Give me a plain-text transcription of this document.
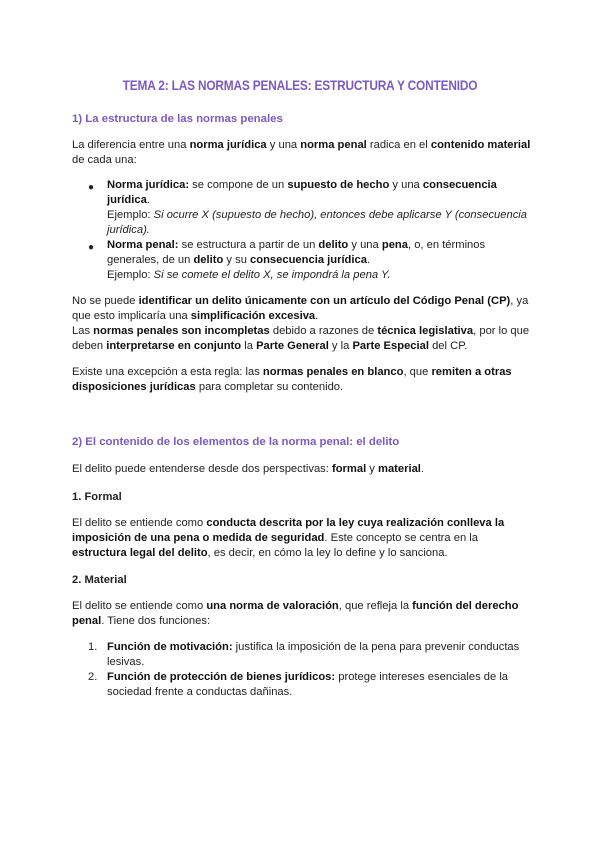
TEMA 2: LAS NORMAS PENALES: ESTRUCTURA Y CONTENIDO
1) La estructura de las normas penales

La diferencia entre una norma jurídica y una norma penal radica en el contenido material de cada una:

●	Norma jurídica: se compone de un supuesto de hecho y una consecuencia jurídica.

Ejemplo: Si ocurre X (supuesto de hecho), entonces debe aplicarse Y (consecuencia jurídica).

●	Norma penal: se estructura a partir de un delito y una pena, o, en términos generales, de un delito y su consecuencia jurídica.

Ejemplo: Si se comete el delito X, se impondrá la pena Y.

No se puede identificar un delito únicamente con un artículo del Código Penal (CP), ya que esto implicaría una simplificación excesiva.

Las normas penales son incompletas debido a razones de técnica legislativa, por lo que deben interpretarse en conjunto la Parte General y la Parte Especial del CP.

Existe una excepción a esta regla: las normas penales en blanco, que remiten a otras disposiciones jurídicas para completar su contenido.

2) El contenido de los elementos de la norma penal: el delito

El delito puede entenderse desde dos perspectivas: formal y material.

1. Formal

El delito se entiende como conducta descrita por la ley cuya realización conlleva la imposición de una pena o medida de seguridad. Este concepto se centra en la estructura legal del delito, es decir, en cómo la ley lo define y lo sanciona.

2. Material

El delito se entiende como una norma de valoración, que refleja la función del derecho penal. Tiene dos funciones:

1. Función de motivación: justifica la imposición de la pena para prevenir conductas lesivas.

2. Función de protección de bienes jurídicos: protege intereses esenciales de la sociedad frente a conductas dañinas.
